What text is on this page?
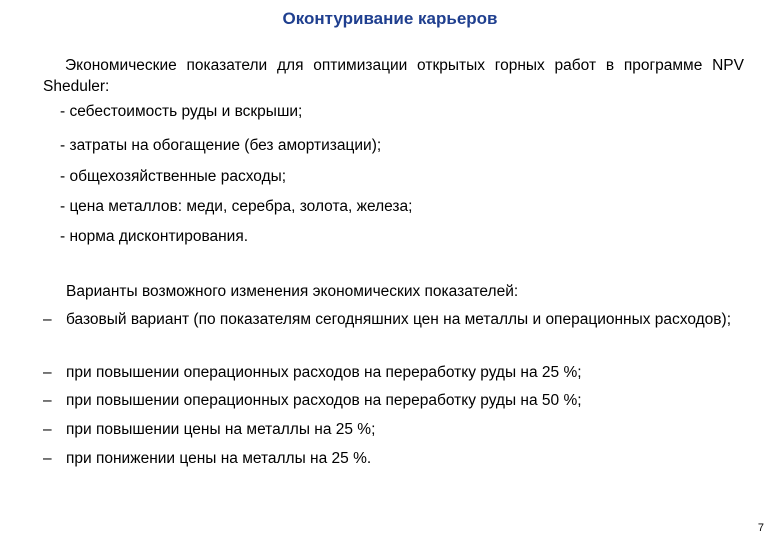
Оконтуривание карьеров
Экономические показатели для оптимизации открытых горных работ в программе NPV Sheduler:
- себестоимость руды и вскрыши;
- затраты на обогащение (без амортизации);
- общехозяйственные расходы;
- цена металлов: меди, серебра, золота, железа;
- норма дисконтирования.
Варианты возможного изменения экономических показателей:
– базовый вариант (по показателям сегодняшних цен на металлы и операционных расходов);
– при повышении операционных расходов на переработку руды на 25 %;
– при повышении операционных расходов на переработку руды на 50 %;
– при повышении цены на металлы на 25 %;
– при понижении цены на металлы на 25 %.
7
